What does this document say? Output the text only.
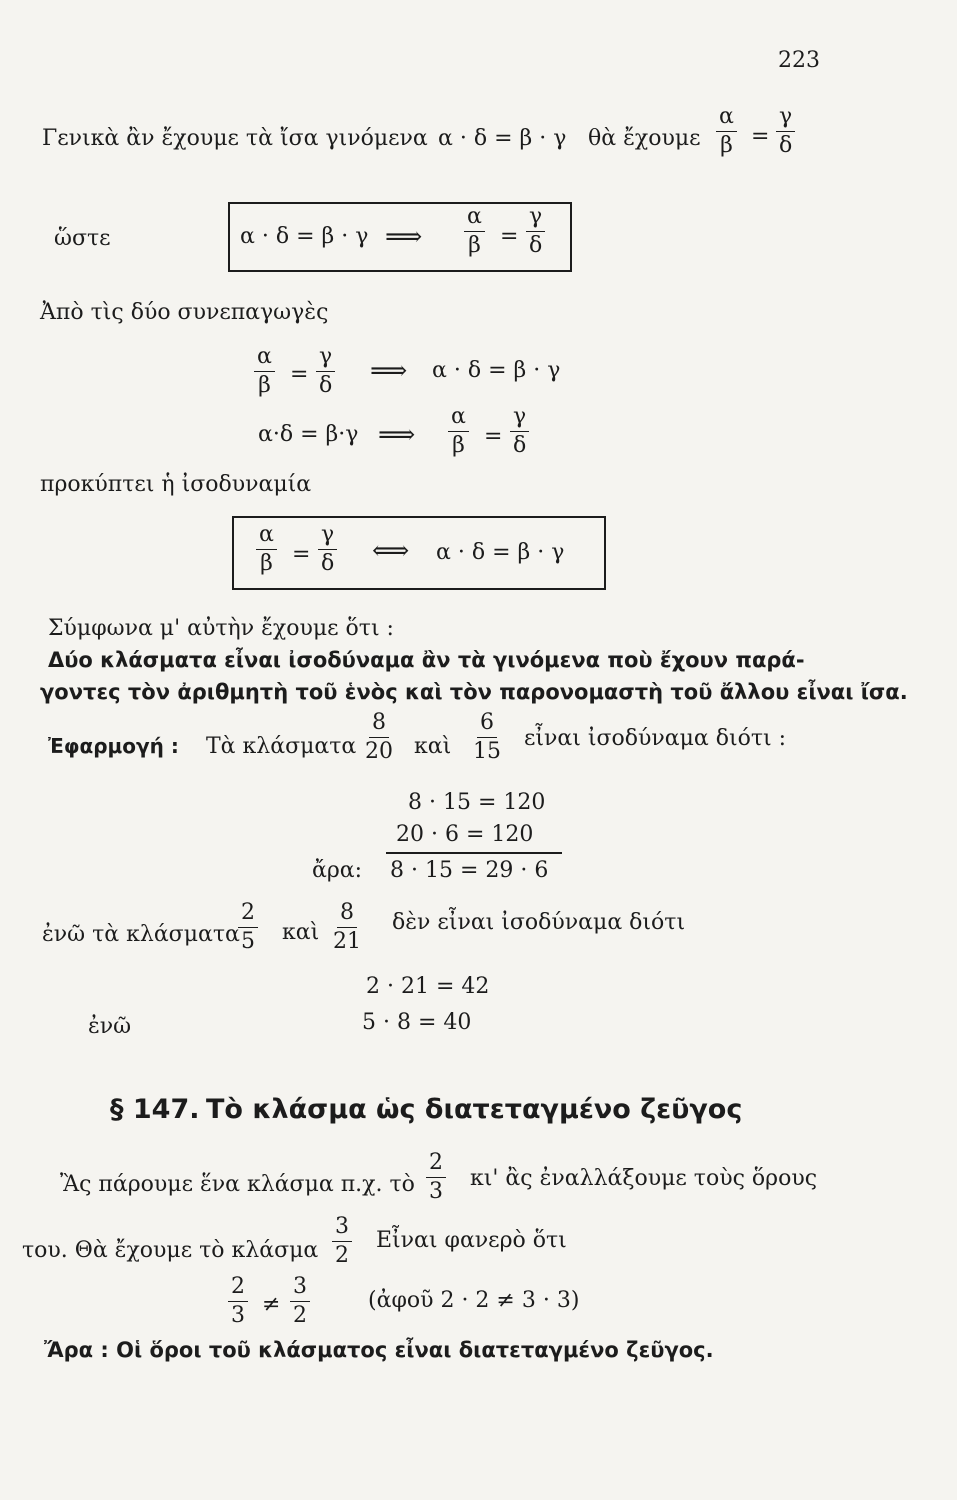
223
Γενικὰ ἂν ἔχουμε τὰ ἴσα γινόμενα α · δ = β · γ θὰ ἔχουμε $\frac{\alpha}{\beta} = \frac{\gamma}{\delta}$
ὥστε	α · δ = β · γ ⟹ $\frac{\alpha}{\beta} = \frac{\gamma}{\delta}$
Ἀπὸ τὶς δύο συνεπαγωγὲς
$\frac{\alpha}{\beta} = \frac{\gamma}{\delta}$ ⟹ α · δ = β · γ
α·δ = β·γ ⟹ $\frac{\alpha}{\beta} = \frac{\gamma}{\delta}$
προκύπτει ἡ ἰσοδυναμία
$\frac{\alpha}{\beta} = \frac{\gamma}{\delta}$ ⟺ α · δ = β · γ
Σύμφωνα μ' αὐτὴν ἔχουμε ὅτι :
Δύο κλάσματα εἶναι ἰσοδύναμα ἂν τὰ γινόμενα ποὺ ἔχουν παρά-
γοντες τὸν ἀριθμητὴ τοῦ ἑνὸς καὶ τὸν παρονομαστὴ τοῦ ἄλλου εἶναι ἴσα.
Ἐφαρμογή : Τὰ κλάσματα $\frac{8}{20}$ καὶ $\frac{6}{15}$ εἶναι ἰσοδύναμα διότι :
8 · 15 = 120
20 · 6 = 120
ἄρα: 8 · 15 = 29 · 6
ἐνῶ τὰ κλάσματα
$\frac{2}{5}$ καὶ $\frac{8}{21}$ δὲν εἶναι ἰσοδύναμα διότι
2 · 21 = 42
ἐνῶ	5 · 8 = 40
§ 147. Τὸ κλάσμα ὡς διατεταγμένο ζεῦγος
Ἂς πάρουμε ἕνα κλάσμα π.χ. τὸ $\frac{2}{3} \kappa\iota'$ ἂς ἐναλλάξουμε τοὺς ὅρους
του. Θὰ ἔχουμε τὸ κλάσμα $\frac{3}{2}$ Εἶναι φανερὸ ὅτι
$\frac{2}{3} \ne \frac{3}{2}$	(ἀφοῦ 2 · 2 ≠ 3 · 3)
Ἄρα : Οἱ ὅροι τοῦ κλάσματος εἶναι διατεταγμένο ζεῦγος.
